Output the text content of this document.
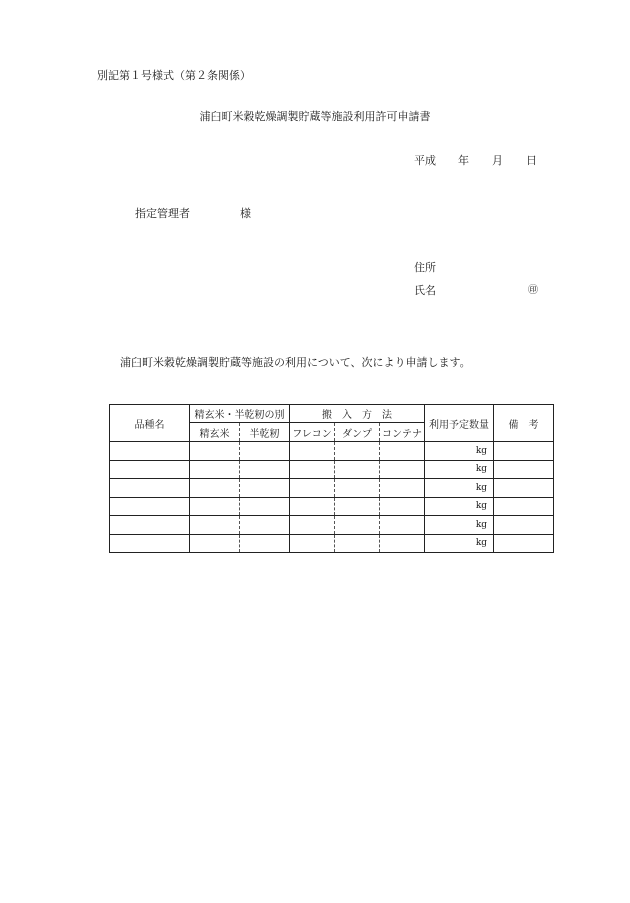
別記第１号様式（第２条関係）
浦臼町米穀乾燥調製貯蔵等施設利用許可申請書
平成 年 月 日
指定管理者	様
住所
氏名	㊞
浦臼町米穀乾燥調製貯蔵等施設の利用について、次により申請します。
品種名	精玄米・半乾籾の別		搬　入　方　法			利用予定数量	備　考
	精玄米	半乾籾	フレコン	ダンプ	コンテナ		
						kg	
						kg	
						kg	
						kg	
						kg	
						kg	
